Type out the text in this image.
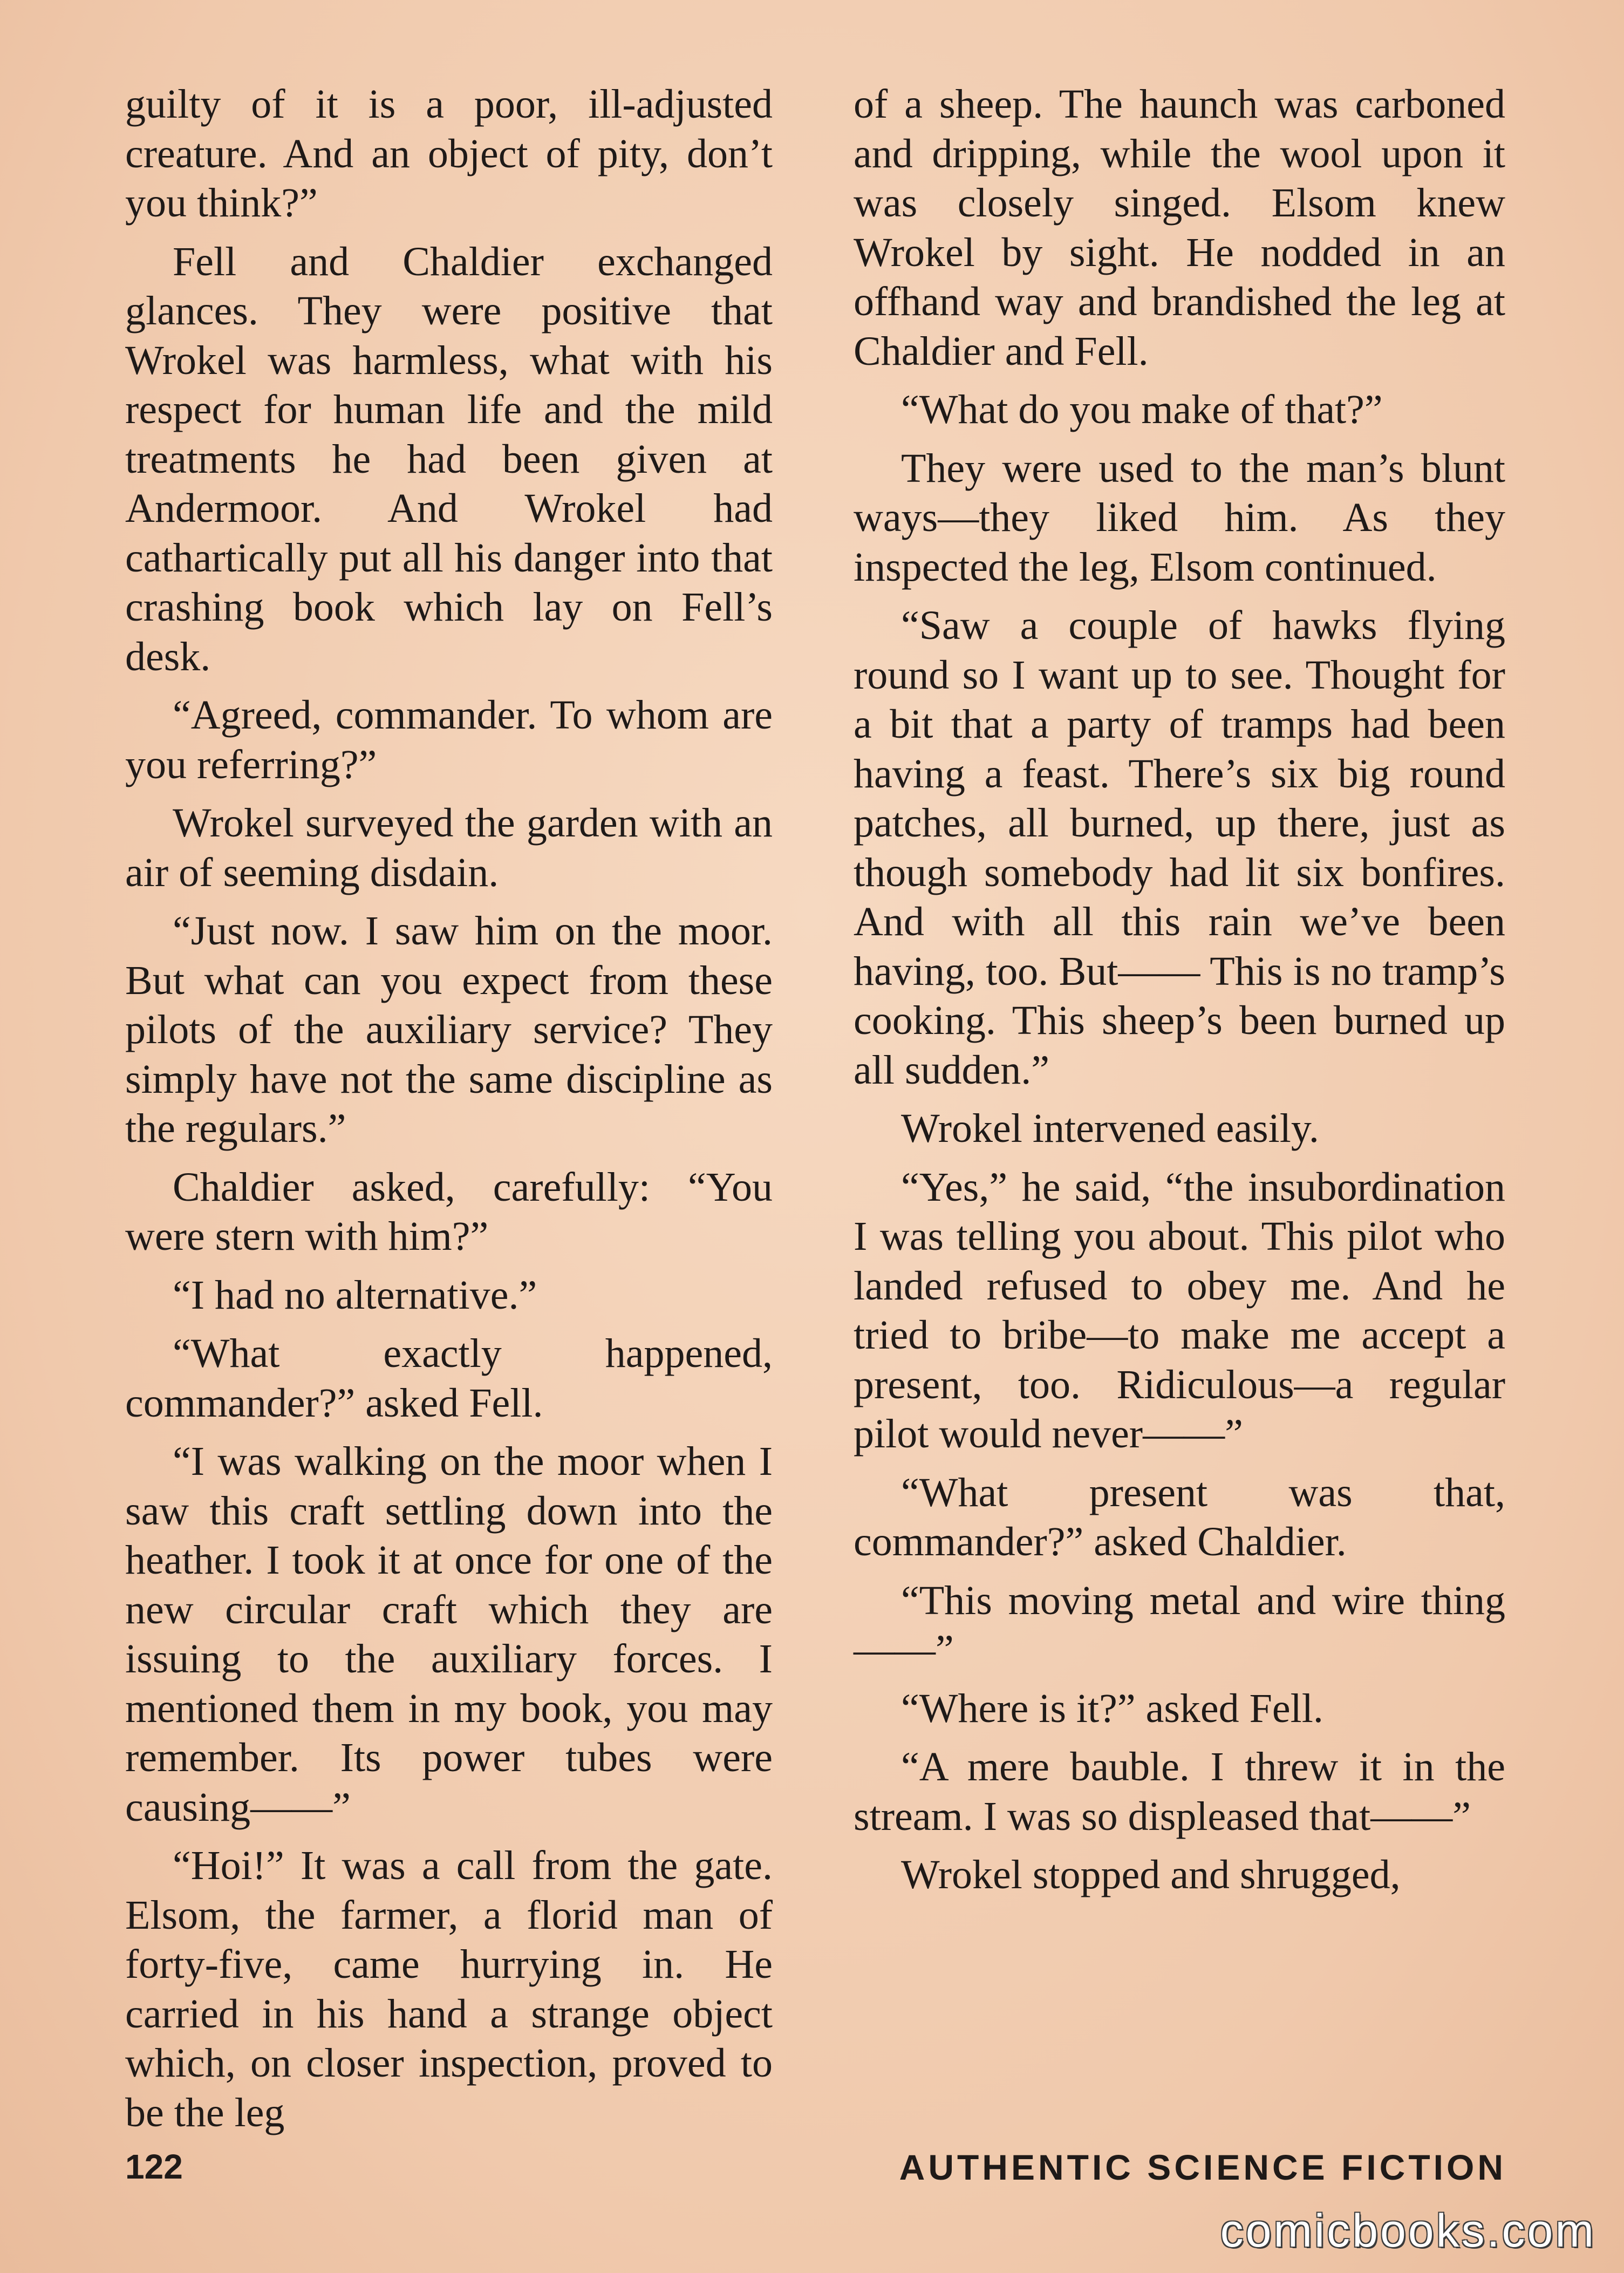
guilty of it is a poor, ill-adjusted creature. And an object of pity, don’t you think?”

Fell and Chaldier exchanged glances. They were positive that Wrokel was harmless, what with his respect for human life and the mild treatments he had been given at Andermoor. And Wrokel had cathartically put all his danger into that crashing book which lay on Fell’s desk.

“Agreed, commander. To whom are you referring?”

Wrokel surveyed the garden with an air of seeming disdain.

“Just now. I saw him on the moor. But what can you expect from these pilots of the auxiliary service? They simply have not the same discipline as the regulars.”

Chaldier asked, carefully: “You were stern with him?”

“I had no alternative.”

“What exactly happened, commander?” asked Fell.

“I was walking on the moor when I saw this craft settling down into the heather. I took it at once for one of the new circular craft which they are issuing to the auxiliary forces. I mentioned them in my book, you may remember. Its power tubes were causing——”

“Hoi!” It was a call from the gate. Elsom, the farmer, a florid man of forty-five, came hurrying in. He carried in his hand a strange object which, on closer inspection, proved to be the leg

of a sheep. The haunch was carboned and dripping, while the wool upon it was closely singed. Elsom knew Wrokel by sight. He nodded in an offhand way and brandished the leg at Chaldier and Fell.

“What do you make of that?”

They were used to the man’s blunt ways—they liked him. As they inspected the leg, Elsom continued.

“Saw a couple of hawks flying round so I want up to see. Thought for a bit that a party of tramps had been having a feast. There’s six big round patches, all burned, up there, just as though somebody had lit six bonfires. And with all this rain we’ve been having, too. But—— This is no tramp’s cooking. This sheep’s been burned up all sudden.”

Wrokel intervened easily.

“Yes,” he said, “the insubordination I was telling you about. This pilot who landed refused to obey me. And he tried to bribe—to make me accept a present, too. Ridiculous—a regular pilot would never——”

“What present was that, commander?” asked Chaldier.

“This moving metal and wire thing——”

“Where is it?” asked Fell.

“A mere bauble. I threw it in the stream. I was so displeased that——”

Wrokel stopped and shrugged,

122	AUTHENTIC SCIENCE FICTION
comicbooks.com
